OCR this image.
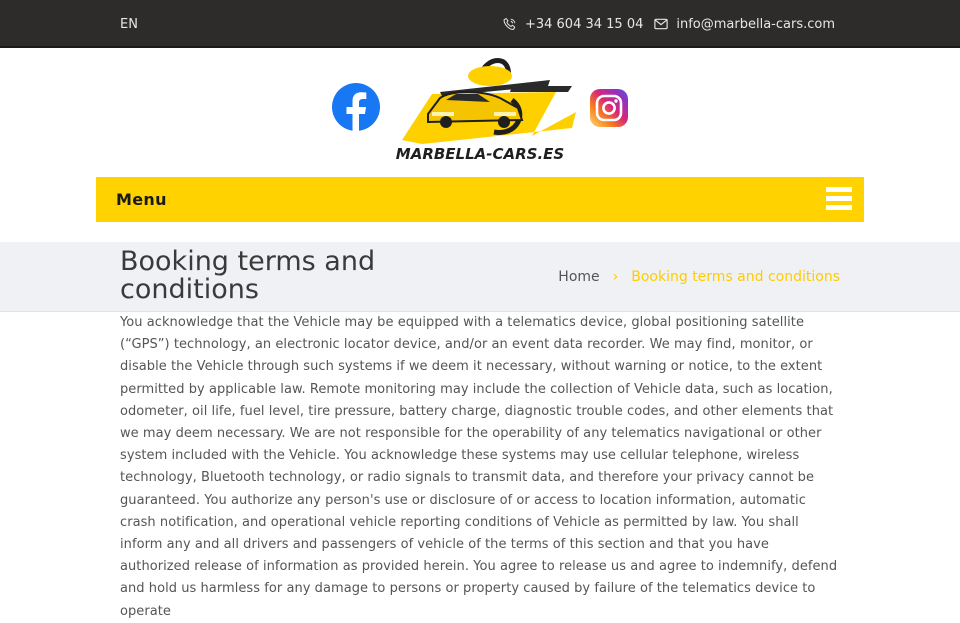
EN	+34 604 34 15 04	info@marbella-cars.com
MARBELLA-CARS.ES
Menu
Booking terms and conditions	Home › Booking terms and conditions

You acknowledge that the Vehicle may be equipped with a telematics device, global positioning satellite (“GPS”) technology, an electronic locator device, and/or an event data recorder. We may find, monitor, or disable the Vehicle through such systems if we deem it necessary, without warning or notice, to the extent permitted by applicable law. Remote monitoring may include the collection of Vehicle data, such as location, odometer, oil life, fuel level, tire pressure, battery charge, diagnostic trouble codes, and other elements that we may deem necessary. We are not responsible for the operability of any telematics navigational or other system included with the Vehicle. You acknowledge these systems may use cellular telephone, wireless technology, Bluetooth technology, or radio signals to transmit data, and therefore your privacy cannot be guaranteed. You authorize any person's use or disclosure of or access to location information, automatic crash notification, and operational vehicle reporting conditions of Vehicle as permitted by law. You shall inform any and all drivers and passengers of vehicle of the terms of this section and that you have authorized release of information as provided herein. You agree to release us and agree to indemnify, defend and hold us harmless for any damage to persons or property caused by failure of the telematics device to operate
